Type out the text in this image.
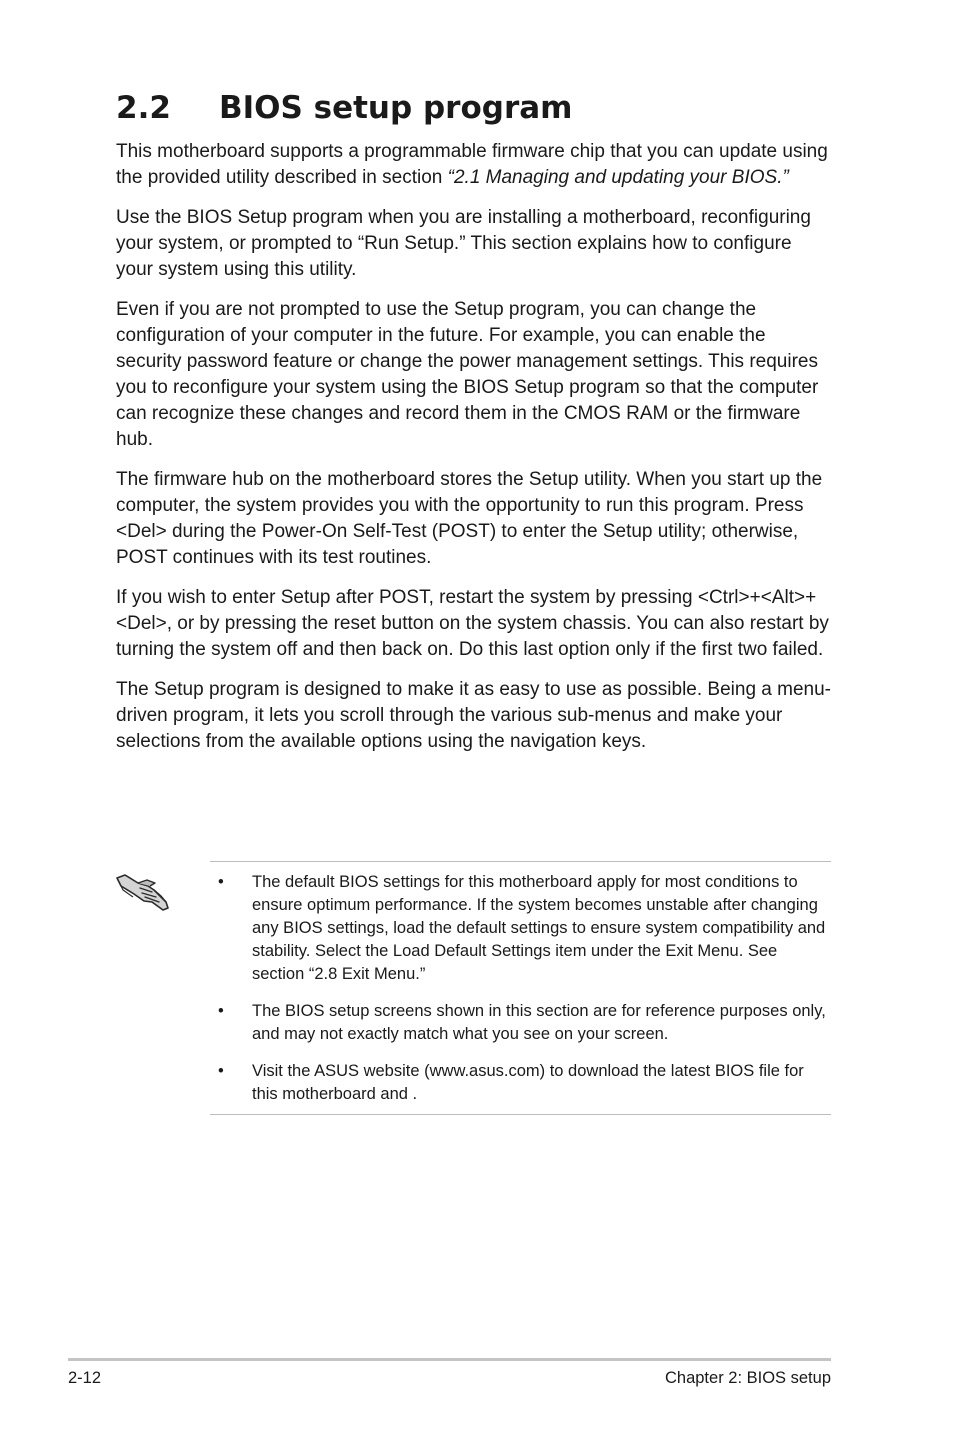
2.2 BIOS setup program

This motherboard supports a programmable firmware chip that you can update using the provided utility described in section “2.1 Managing and updating your BIOS.”

Use the BIOS Setup program when you are installing a motherboard, reconfiguring your system, or prompted to “Run Setup.” This section explains how to configure your system using this utility.

Even if you are not prompted to use the Setup program, you can change the configuration of your computer in the future. For example, you can enable the security password feature or change the power management settings. This requires you to reconfigure your system using the BIOS Setup program so that the computer can recognize these changes and record them in the CMOS RAM or the firmware hub.

The firmware hub on the motherboard stores the Setup utility. When you start up the computer, the system provides you with the opportunity to run this program. Press <Del> during the Power-On Self-Test (POST) to enter the Setup utility; otherwise, POST continues with its test routines.

If you wish to enter Setup after POST, restart the system by pressing <Ctrl>+<Alt>+<Del>, or by pressing the reset button on the system chassis. You can also restart by turning the system off and then back on. Do this last option only if the first two failed.

The Setup program is designed to make it as easy to use as possible. Being a menu-driven program, it lets you scroll through the various sub-menus and make your selections from the available options using the navigation keys.

• The default BIOS settings for this motherboard apply for most conditions to ensure optimum performance. If the system becomes unstable after changing any BIOS settings, load the default settings to ensure system compatibility and stability. Select the Load Default Settings item under the Exit Menu. See section “2.8 Exit Menu.”
• The BIOS setup screens shown in this section are for reference purposes only, and may not exactly match what you see on your screen.
• Visit the ASUS website (www.asus.com) to download the latest BIOS file for this motherboard and .
2-12	Chapter 2: BIOS setup
